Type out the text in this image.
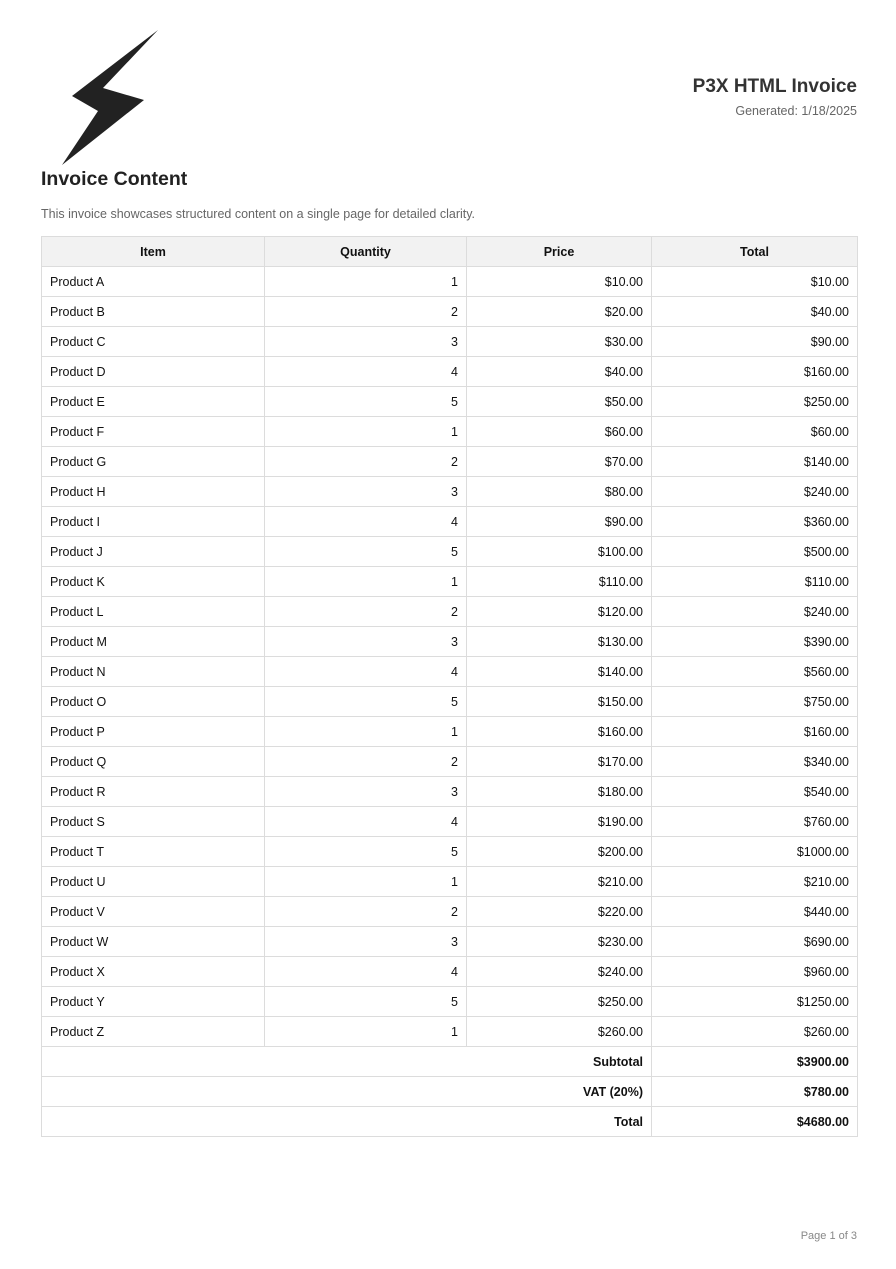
P3X HTML Invoice
Generated: 1/18/2025
Invoice Content
This invoice showcases structured content on a single page for detailed clarity.
Item	Quantity	Price	Total
Product A	1	$10.00	$10.00
Product B	2	$20.00	$40.00
Product C	3	$30.00	$90.00
Product D	4	$40.00	$160.00
Product E	5	$50.00	$250.00
Product F	1	$60.00	$60.00
Product G	2	$70.00	$140.00
Product H	3	$80.00	$240.00
Product I	4	$90.00	$360.00
Product J	5	$100.00	$500.00
Product K	1	$110.00	$110.00
Product L	2	$120.00	$240.00
Product M	3	$130.00	$390.00
Product N	4	$140.00	$560.00
Product O	5	$150.00	$750.00
Product P	1	$160.00	$160.00
Product Q	2	$170.00	$340.00
Product R	3	$180.00	$540.00
Product S	4	$190.00	$760.00
Product T	5	$200.00	$1000.00
Product U	1	$210.00	$210.00
Product V	2	$220.00	$440.00
Product W	3	$230.00	$690.00
Product X	4	$240.00	$960.00
Product Y	5	$250.00	$1250.00
Product Z	1	$260.00	$260.00
Subtotal			$3900.00
VAT (20%)			$780.00
Total			$4680.00
Page 1 of 3
